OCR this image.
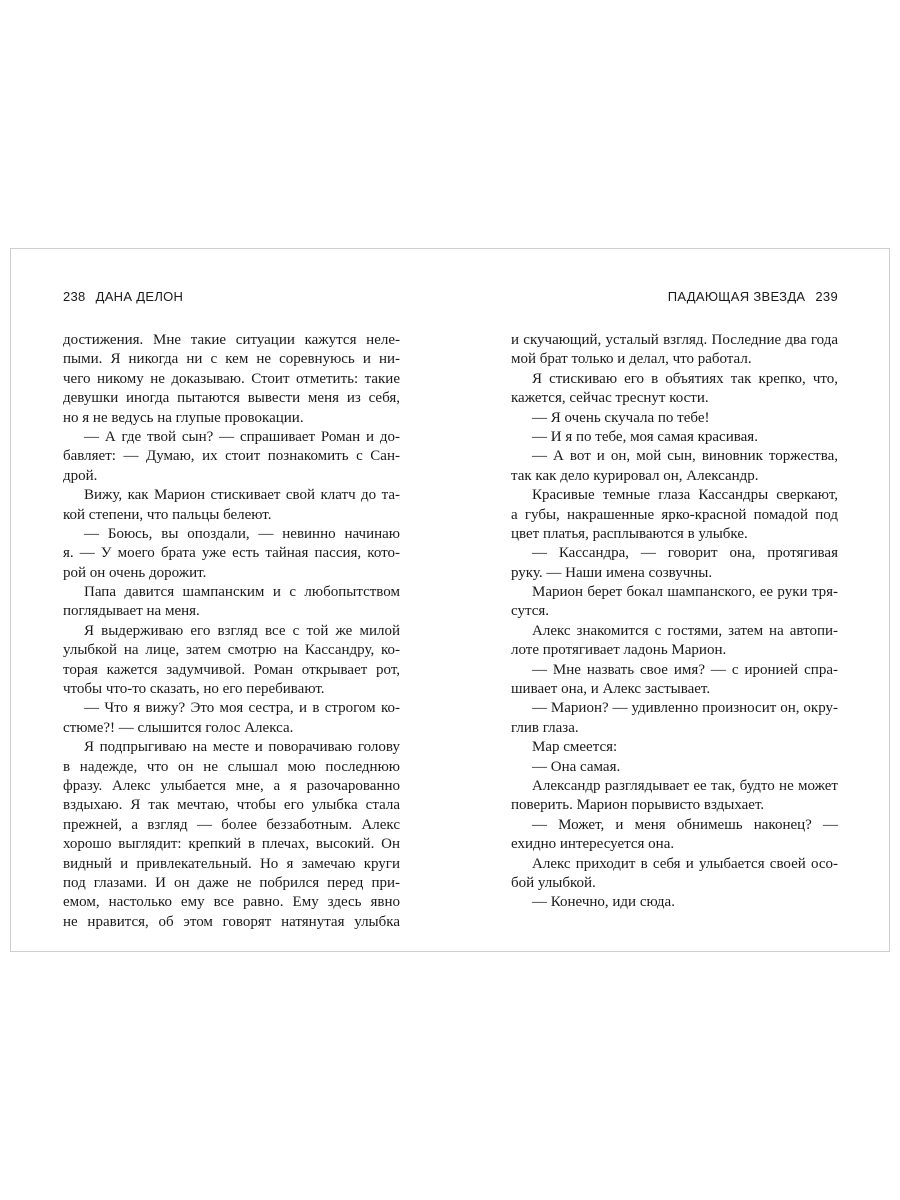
238 ДАНА ДЕЛОН
достижения. Мне такие ситуации кажутся неле-
пыми. Я никогда ни с кем не соревнуюсь и ни-
чего никому не доказываю. Стоит отметить: такие
девушки иногда пытаются вывести меня из себя,
но я не ведусь на глупые провокации.
— А где твой сын? — спрашивает Роман и до-
бавляет: — Думаю, их стоит познакомить с Сан-
дрой.
Вижу, как Марион стискивает свой клатч до та-
кой степени, что пальцы белеют.
— Боюсь, вы опоздали, — невинно начинаю
я. — У моего брата уже есть тайная пассия, кото-
рой он очень дорожит.
Папа давится шампанским и с любопытством
поглядывает на меня.
Я выдерживаю его взгляд все с той же милой
улыбкой на лице, затем смотрю на Кассандру, ко-
торая кажется задумчивой. Роман открывает рот,
чтобы что-то сказать, но его перебивают.
— Что я вижу? Это моя сестра, и в строгом ко-
стюме?! — слышится голос Алекса.
Я подпрыгиваю на месте и поворачиваю голову
в надежде, что он не слышал мою последнюю
фразу. Алекс улыбается мне, а я разочарованно
вздыхаю. Я так мечтаю, чтобы его улыбка стала
прежней, а взгляд — более беззаботным. Алекс
хорошо выглядит: крепкий в плечах, высокий. Он
видный и привлекательный. Но я замечаю круги
под глазами. И он даже не побрился перед при-
емом, настолько ему все равно. Ему здесь явно
не нравится, об этом говорят натянутая улыбка
ПАДАЮЩАЯ ЗВЕЗДА 239
и скучающий, усталый взгляд. Последние два года
мой брат только и делал, что работал.
Я стискиваю его в объятиях так крепко, что,
кажется, сейчас треснут кости.
— Я очень скучала по тебе!
— И я по тебе, моя самая красивая.
— А вот и он, мой сын, виновник торжества,
так как дело курировал он, Александр.
Красивые темные глаза Кассандры сверкают,
а губы, накрашенные ярко-красной помадой под
цвет платья, расплываются в улыбке.
— Кассандра, — говорит она, протягивая
руку. — Наши имена созвучны.
Марион берет бокал шампанского, ее руки тря-
сутся.
Алекс знакомится с гостями, затем на автопи-
лоте протягивает ладонь Марион.
— Мне назвать свое имя? — с иронией спра-
шивает она, и Алекс застывает.
— Марион? — удивленно произносит он, окру-
глив глаза.
Мар смеется:
— Она самая.
Александр разглядывает ее так, будто не может
поверить. Марион порывисто вздыхает.
— Может, и меня обнимешь наконец? —
ехидно интересуется она.
Алекс приходит в себя и улыбается своей осо-
бой улыбкой.
— Конечно, иди сюда.
